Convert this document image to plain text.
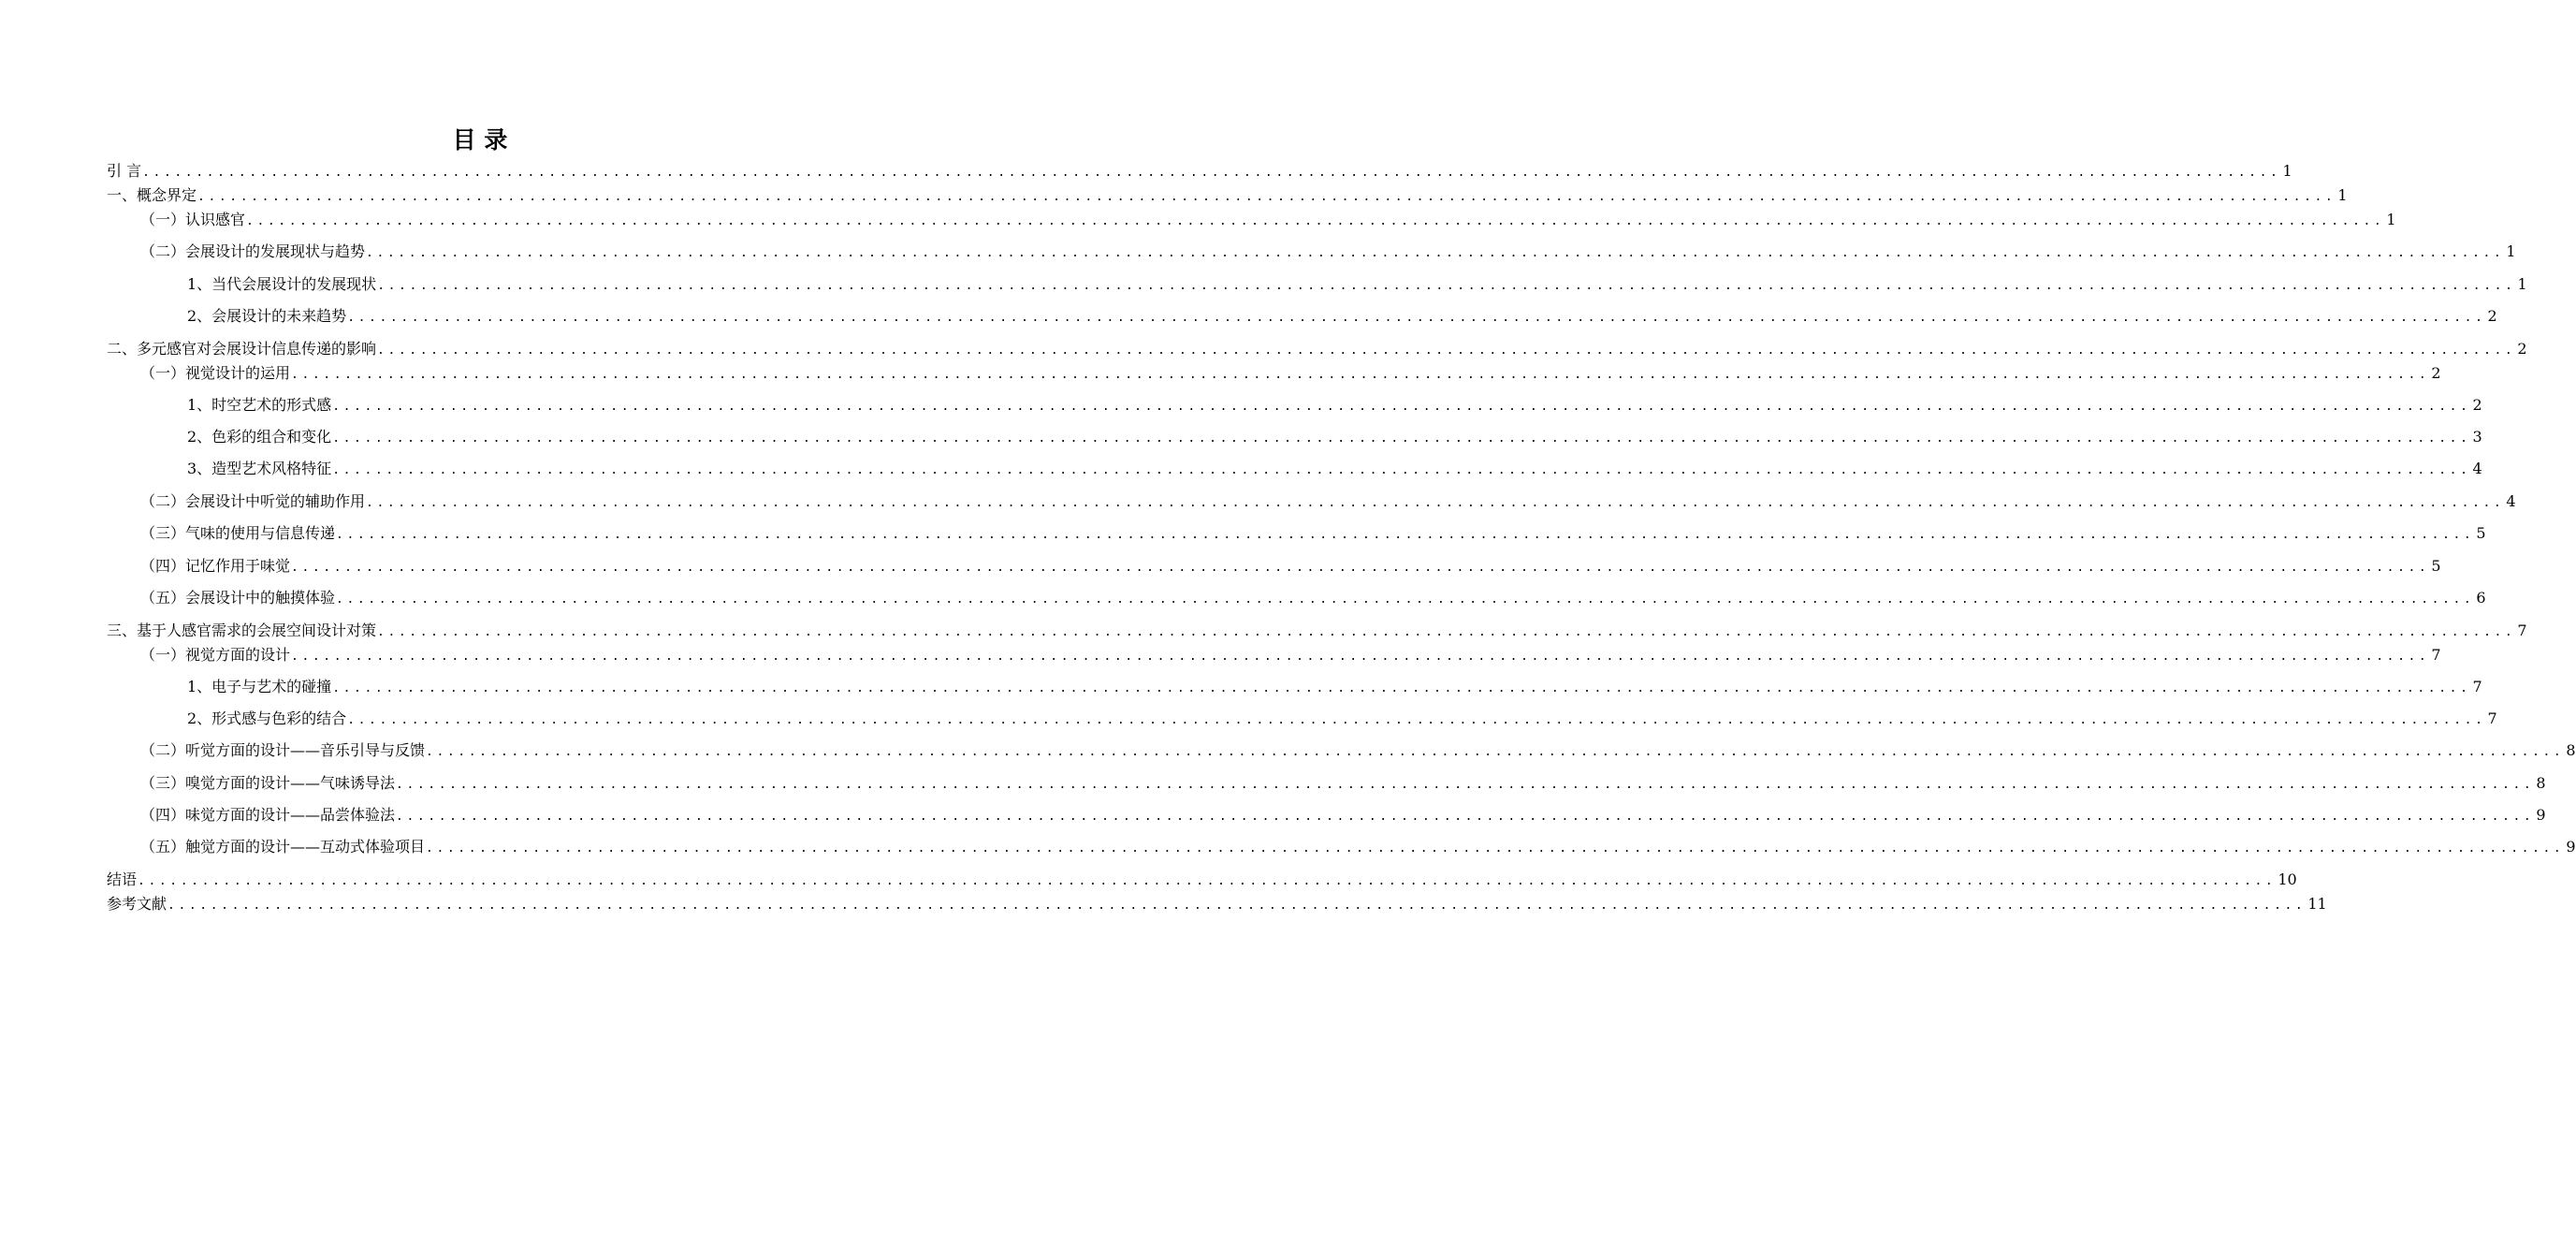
目 录
引 言 ........................................................................................................................................................................................................ 1
一、概念界定 ........................................................................................................................................................................................................ 1
（一）认识感官 ........................................................................................................................................................................................................ 1
（二）会展设计的发展现状与趋势 ........................................................................................................................................................................................................ 1
1、当代会展设计的发展现状 ........................................................................................................................................................................................................ 1
2、会展设计的未来趋势 ........................................................................................................................................................................................................ 2
二、多元感官对会展设计信息传递的影响 ........................................................................................................................................................................................................ 2
（一）视觉设计的运用 ........................................................................................................................................................................................................ 2
1、时空艺术的形式感 ........................................................................................................................................................................................................ 2
2、色彩的组合和变化 ........................................................................................................................................................................................................ 3
3、造型艺术风格特征 ........................................................................................................................................................................................................ 4
（二）会展设计中听觉的辅助作用 ........................................................................................................................................................................................................ 4
（三）气味的使用与信息传递 ........................................................................................................................................................................................................ 5
（四）记忆作用于味觉 ........................................................................................................................................................................................................ 5
（五）会展设计中的触摸体验 ........................................................................................................................................................................................................ 6
三、基于人感官需求的会展空间设计对策 ........................................................................................................................................................................................................ 7
（一）视觉方面的设计 ........................................................................................................................................................................................................ 7
1、电子与艺术的碰撞 ........................................................................................................................................................................................................ 7
2、形式感与色彩的结合 ........................................................................................................................................................................................................ 7
（二）听觉方面的设计——音乐引导与反馈 ........................................................................................................................................................................................................ 8
（三）嗅觉方面的设计——气味诱导法 ........................................................................................................................................................................................................ 8
（四）味觉方面的设计——品尝体验法 ........................................................................................................................................................................................................ 9
（五）触觉方面的设计——互动式体验项目 ........................................................................................................................................................................................................ 9
结语 ........................................................................................................................................................................................................ 10
参考文献 ........................................................................................................................................................................................................ 11
